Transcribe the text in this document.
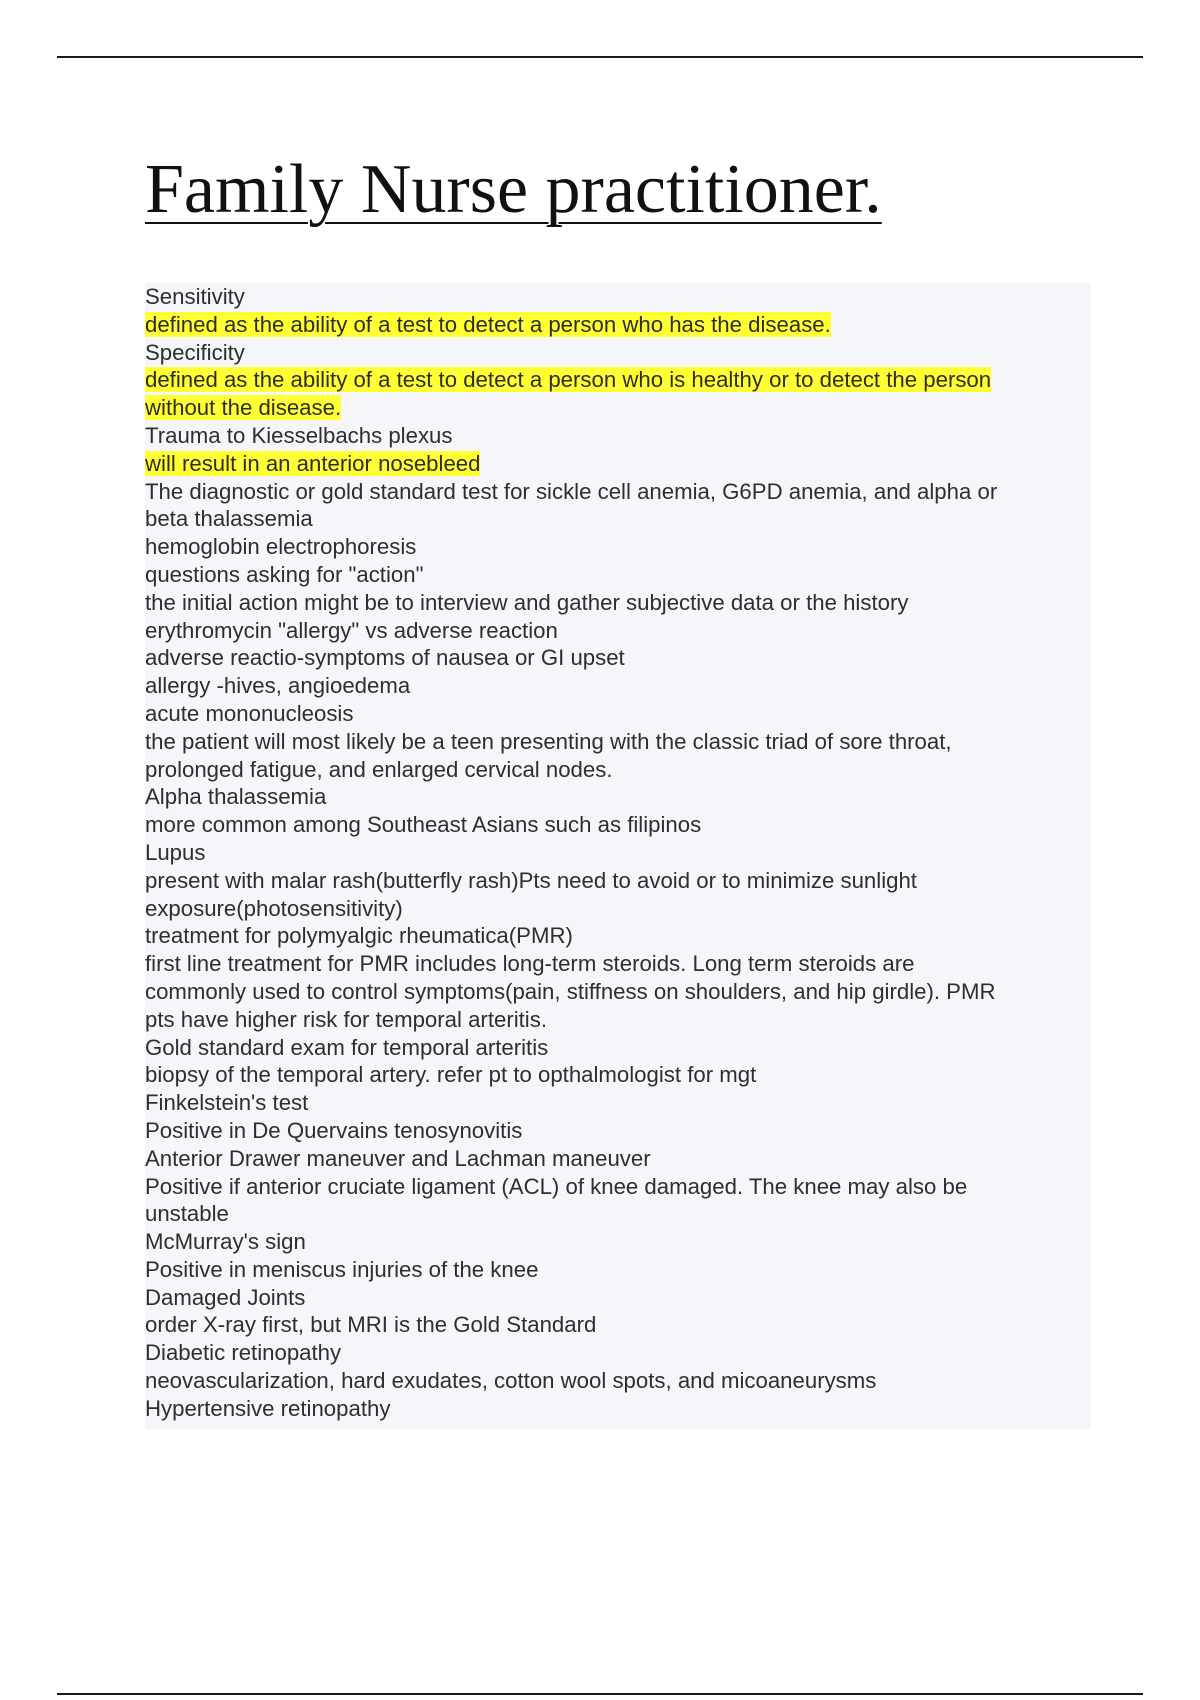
Family Nurse practitioner.
Sensitivity
defined as the ability of a test to detect a person who has the disease.
Specificity
defined as the ability of a test to detect a person who is healthy or to detect the person
without the disease.
Trauma to Kiesselbachs plexus
will result in an anterior nosebleed
The diagnostic or gold standard test for sickle cell anemia, G6PD anemia, and alpha or
beta thalassemia
hemoglobin electrophoresis
questions asking for "action"
the initial action might be to interview and gather subjective data or the history
erythromycin "allergy" vs adverse reaction
adverse reactio-symptoms of nausea or GI upset
allergy -hives, angioedema
acute mononucleosis
the patient will most likely be a teen presenting with the classic triad of sore throat,
prolonged fatigue, and enlarged cervical nodes.
Alpha thalassemia
more common among Southeast Asians such as filipinos
Lupus
present with malar rash(butterfly rash)Pts need to avoid or to minimize sunlight
exposure(photosensitivity)
treatment for polymyalgic rheumatica(PMR)
first line treatment for PMR includes long-term steroids. Long term steroids are
commonly used to control symptoms(pain, stiffness on shoulders, and hip girdle). PMR
pts have higher risk for temporal arteritis.
Gold standard exam for temporal arteritis
biopsy of the temporal artery. refer pt to opthalmologist for mgt
Finkelstein's test
Positive in De Quervains tenosynovitis
Anterior Drawer maneuver and Lachman maneuver
Positive if anterior cruciate ligament (ACL) of knee damaged. The knee may also be
unstable
McMurray's sign
Positive in meniscus injuries of the knee
Damaged Joints
order X-ray first, but MRI is the Gold Standard
Diabetic retinopathy
neovascularization, hard exudates, cotton wool spots, and micoaneurysms
Hypertensive retinopathy
